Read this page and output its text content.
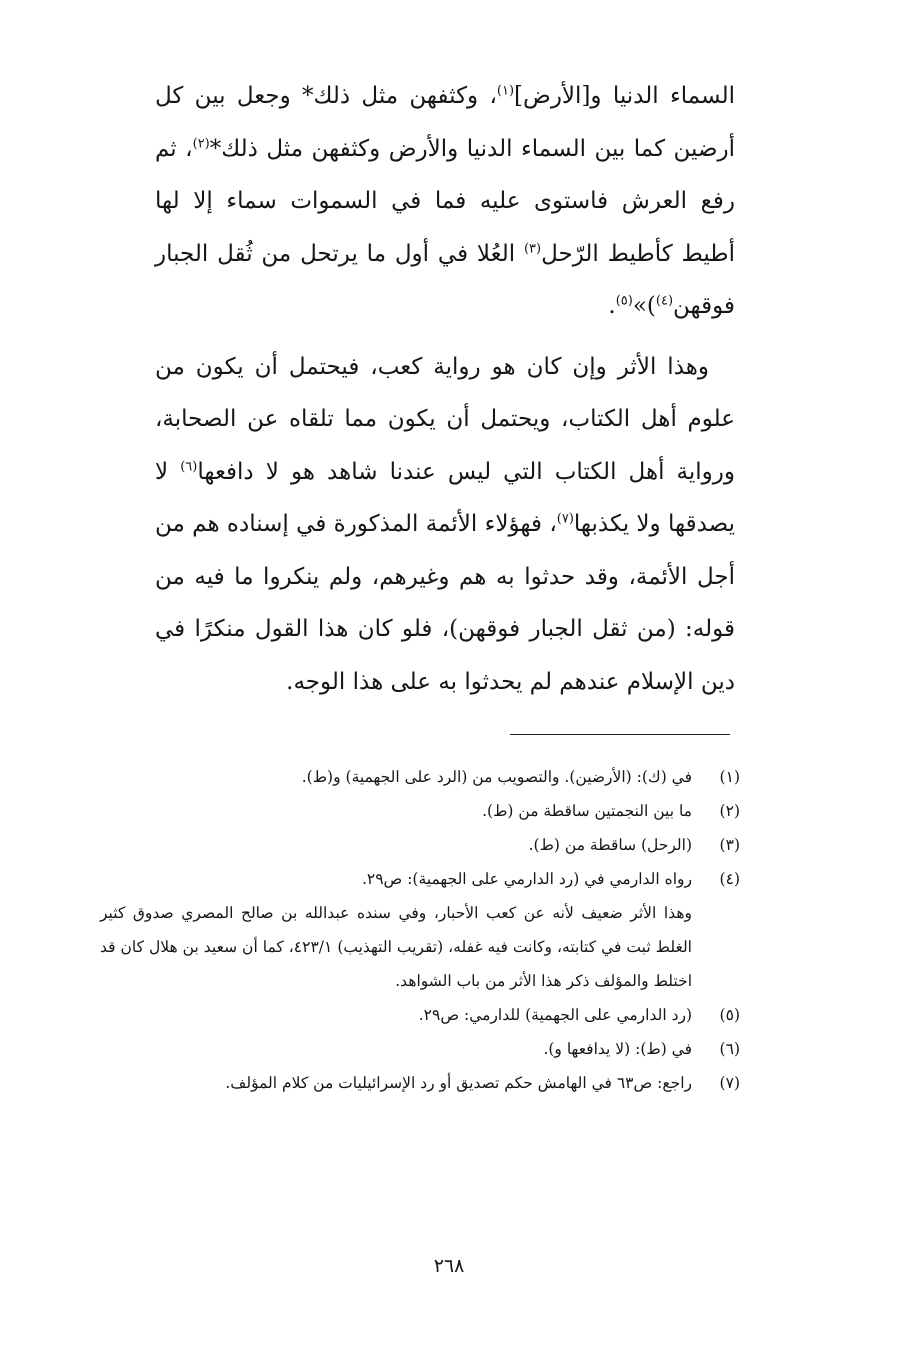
السماء الدنيا و[الأرض]$^{(١)}$، وكثفهن مثل ذلك* وجعل بين كل أرضين كما بين السماء الدنيا والأرض وكثفهن مثل ذلك*$^{(٢)}$، ثم رفع العرش فاستوى عليه فما في السموات سماء إلا لها أطيط كأطيط الرّحل$^{(٣)}$ العُلا في أول ما يرتحل من ثُقل الجبار فوقهن$^{(٤)}$)»$^{(٥)}$.

وهذا الأثر وإن كان هو رواية كعب، فيحتمل أن يكون من علوم أهل الكتاب، ويحتمل أن يكون مما تلقاه عن الصحابة، ورواية أهل الكتاب التي ليس عندنا شاهد هو لا دافعها$^{(٦)}$ لا يصدقها ولا يكذبها$^{(٧)}$، فهؤلاء الأئمة المذكورة في إسناده هم من أجل الأئمة، وقد حدثوا به هم وغيرهم، ولم ينكروا ما فيه من قوله: (من ثقل الجبار فوقهن)، فلو كان هذا القول منكرًا في دين الإسلام عندهم لم يحدثوا به على هذا الوجه.

(١)
في (ك): (الأرضين). والتصويب من (الرد على الجهمية) و(ط).
(٢)
ما بين النجمتين ساقطة من (ط).
(٣)
(الرحل) ساقطة من (ط).
(٤)
رواه الدارمي في (رد الدارمي على الجهمية): ص٢٩.
وهذا الأثر ضعيف لأنه عن كعب الأحبار، وفي سنده عبدالله بن صالح المصري صدوق كثير الغلط ثبت في كتابته، وكانت فيه غفله، (تقريب التهذيب) ٤٢٣/١، كما أن سعيد بن هلال كان قد اختلط والمؤلف ذكر هذا الأثر من باب الشواهد.
(٥)
(رد الدارمي على الجهمية) للدارمي: ص٢٩.
(٦)
في (ط): (لا يدافعها و).
(٧)
راجع: ص٦٣ في الهامش حكم تصديق أو رد الإسرائيليات من كلام المؤلف.
٢٦٨
